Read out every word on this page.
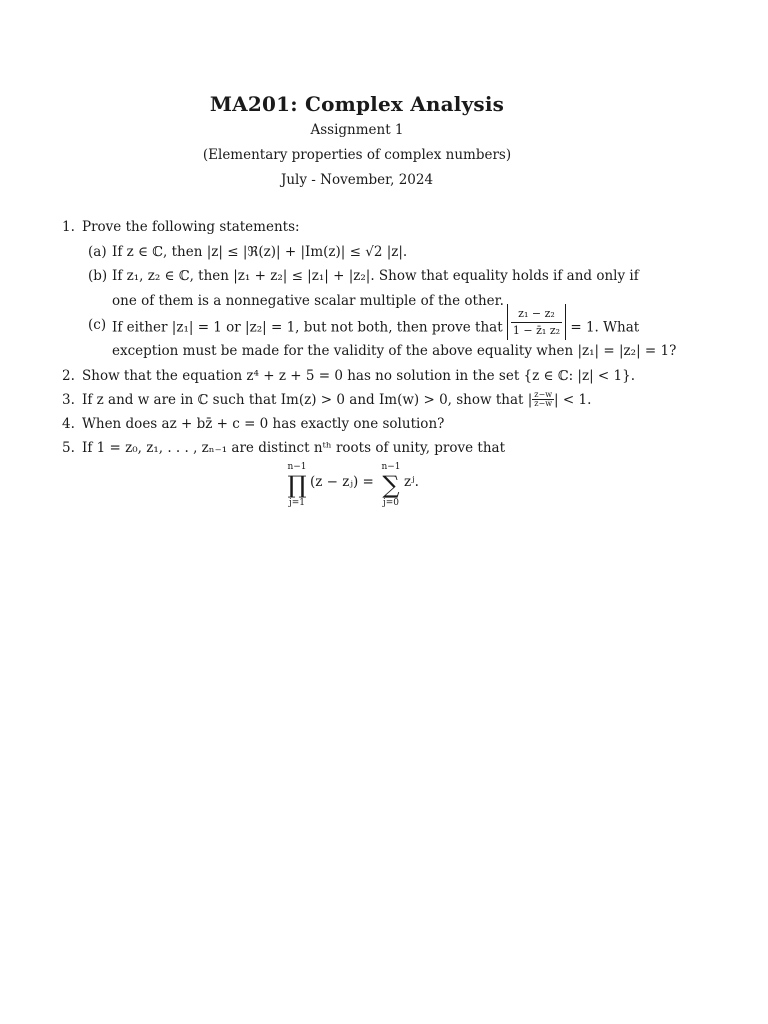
MA201: Complex Analysis
Assignment 1
(Elementary properties of complex numbers)
July - November, 2024
1. Prove the following statements:
(a) If z ∈ ℂ, then |z| ≤ |ℜ(z)| + |Im(z)| ≤ √2 |z|.
(b) If z₁, z₂ ∈ ℂ, then |z₁ + z₂| ≤ |z₁| + |z₂|. Show that equality holds if and only if
one of them is a nonnegative scalar multiple of the other.
(c) If either |z₁| = 1 or |z₂| = 1, but not both, then prove that $\frac{\text{z₁ − z₂}}{\text{1 − z̄₁ z₂}} = 1$. What
exception must be made for the validity of the above equality when |z₁| = |z₂| = 1?
2. Show that the equation z⁴ + z + 5 = 0 has no solution in the set {z ∈ ℂ: |z| < 1}.
3. If z and w are in ℂ such that Im(z) > 0 and Im(w) > 0, show that | $\frac{z-w}{z-w̄}$ | < 1.
4. When does az + bz̄ + c = 0 has exactly one solution?
5. If 1 = z₀, z₁, . . . , zₙ₋₁ are distinct nᵗʰ roots of unity, prove that
n−1
∏
j=1
(z − zⱼ) =
n−1
∑
j=0
zʲ.
